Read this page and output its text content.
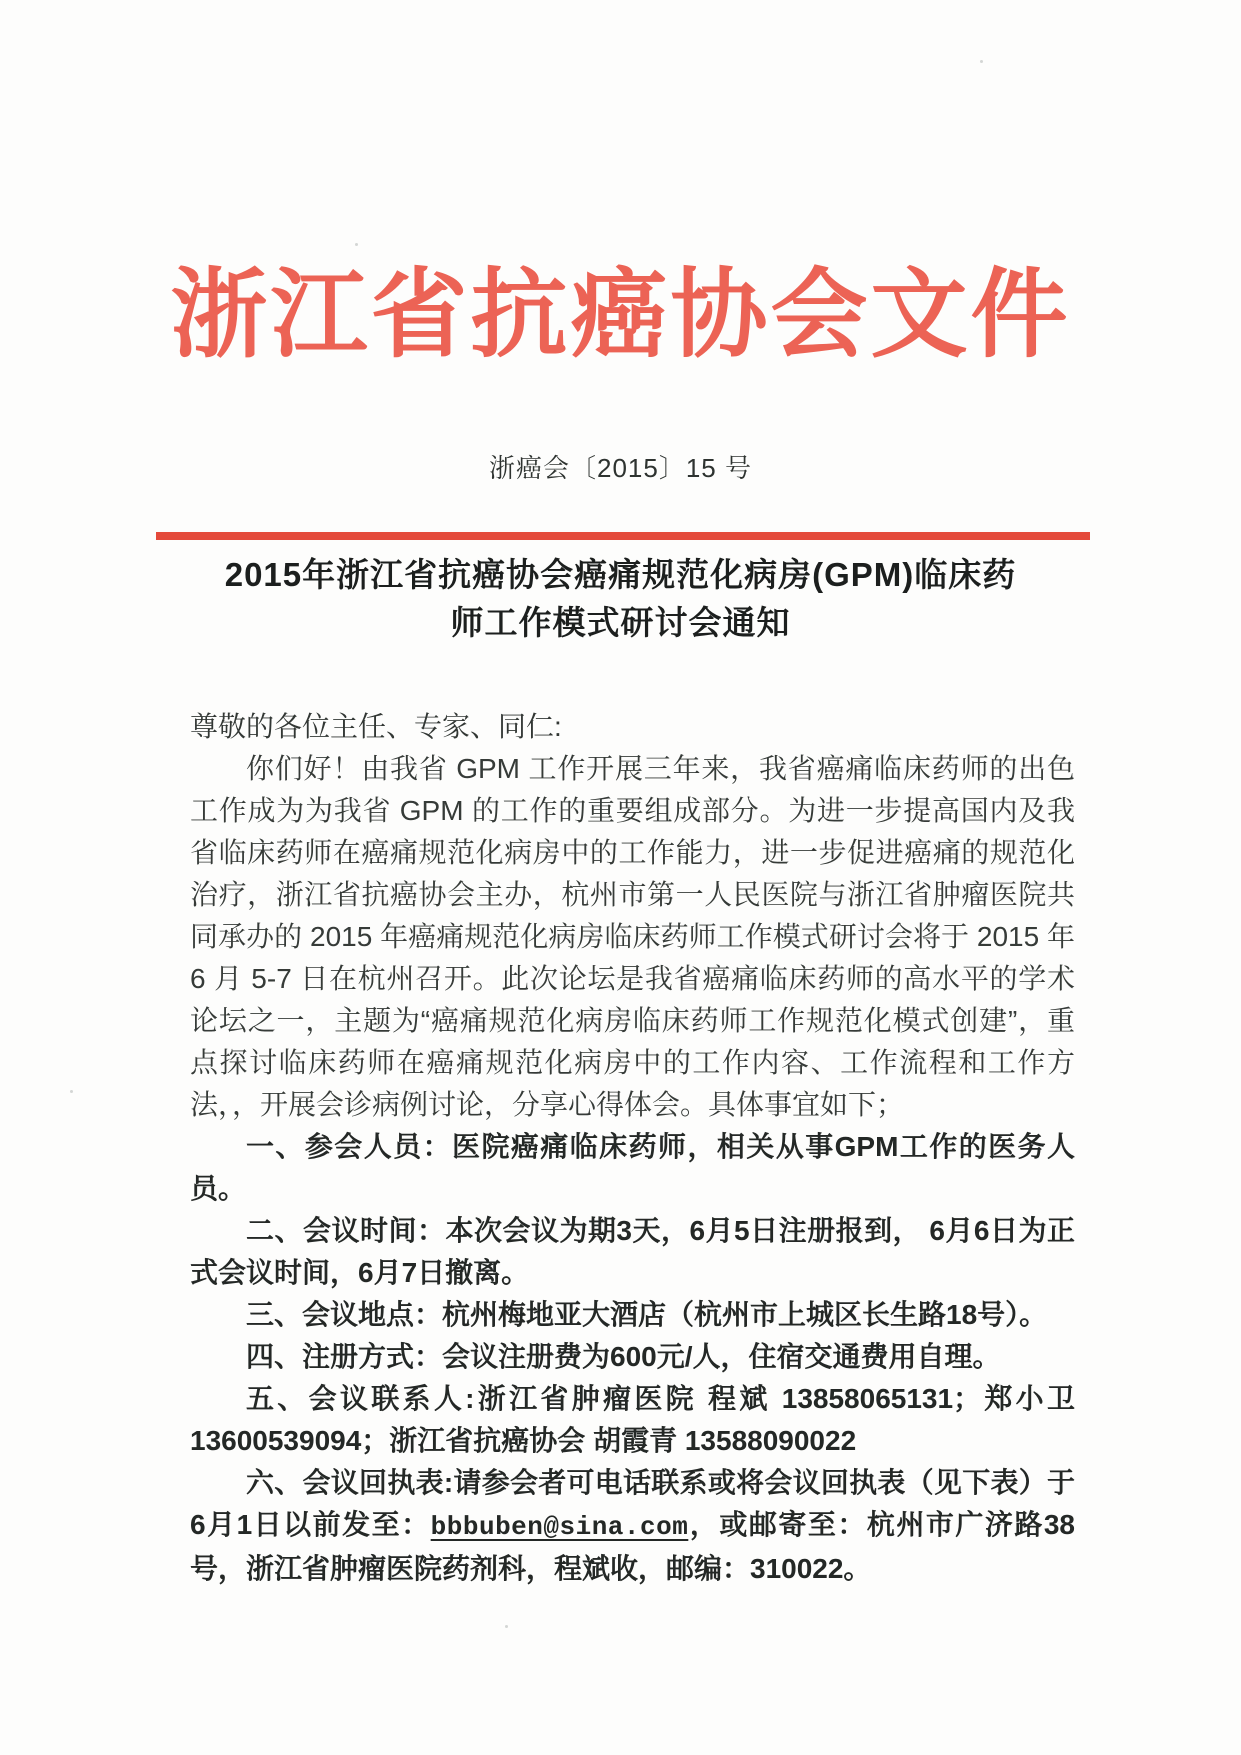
浙江省抗癌协会文件
浙癌会〔2015〕15 号
2015年浙江省抗癌协会癌痛规范化病房(GPM)临床药
师工作模式研讨会通知

尊敬的各位主任、专家、同仁:

你们好！由我省 GPM 工作开展三年来，我省癌痛临床药师的出色工作成为为我省 GPM 的工作的重要组成部分。为进一步提高国内及我省临床药师在癌痛规范化病房中的工作能力，进一步促进癌痛的规范化治疗，浙江省抗癌协会主办，杭州市第一人民医院与浙江省肿瘤医院共同承办的 2015 年癌痛规范化病房临床药师工作模式研讨会将于 2015 年 6 月 5-7 日在杭州召开。此次论坛是我省癌痛临床药师的高水平的学术论坛之一，主题为“癌痛规范化病房临床药师工作规范化模式创建”，重点探讨临床药师在癌痛规范化病房中的工作内容、工作流程和工作方法，，开展会诊病例讨论，分享心得体会。具体事宜如下；

一、参会人员：医院癌痛临床药师，相关从事GPM工作的医务人员。

二、会议时间：本次会议为期3天，6月5日注册报到， 6月6日为正式会议时间，6月7日撤离。

三、会议地点：杭州梅地亚大酒店（杭州市上城区长生路18号）。

四、注册方式：会议注册费为600元/人，住宿交通费用自理。

五、会议联系人:浙江省肿瘤医院 程斌 13858065131；郑小卫 13600539094；浙江省抗癌协会 胡霞青 13588090022

六、会议回执表:请参会者可电话联系或将会议回执表（见下表）于6月1日以前发至：bbbuben@sina.com，或邮寄至：杭州市广济路38号，浙江省肿瘤医院药剂科，程斌收，邮编：310022。
